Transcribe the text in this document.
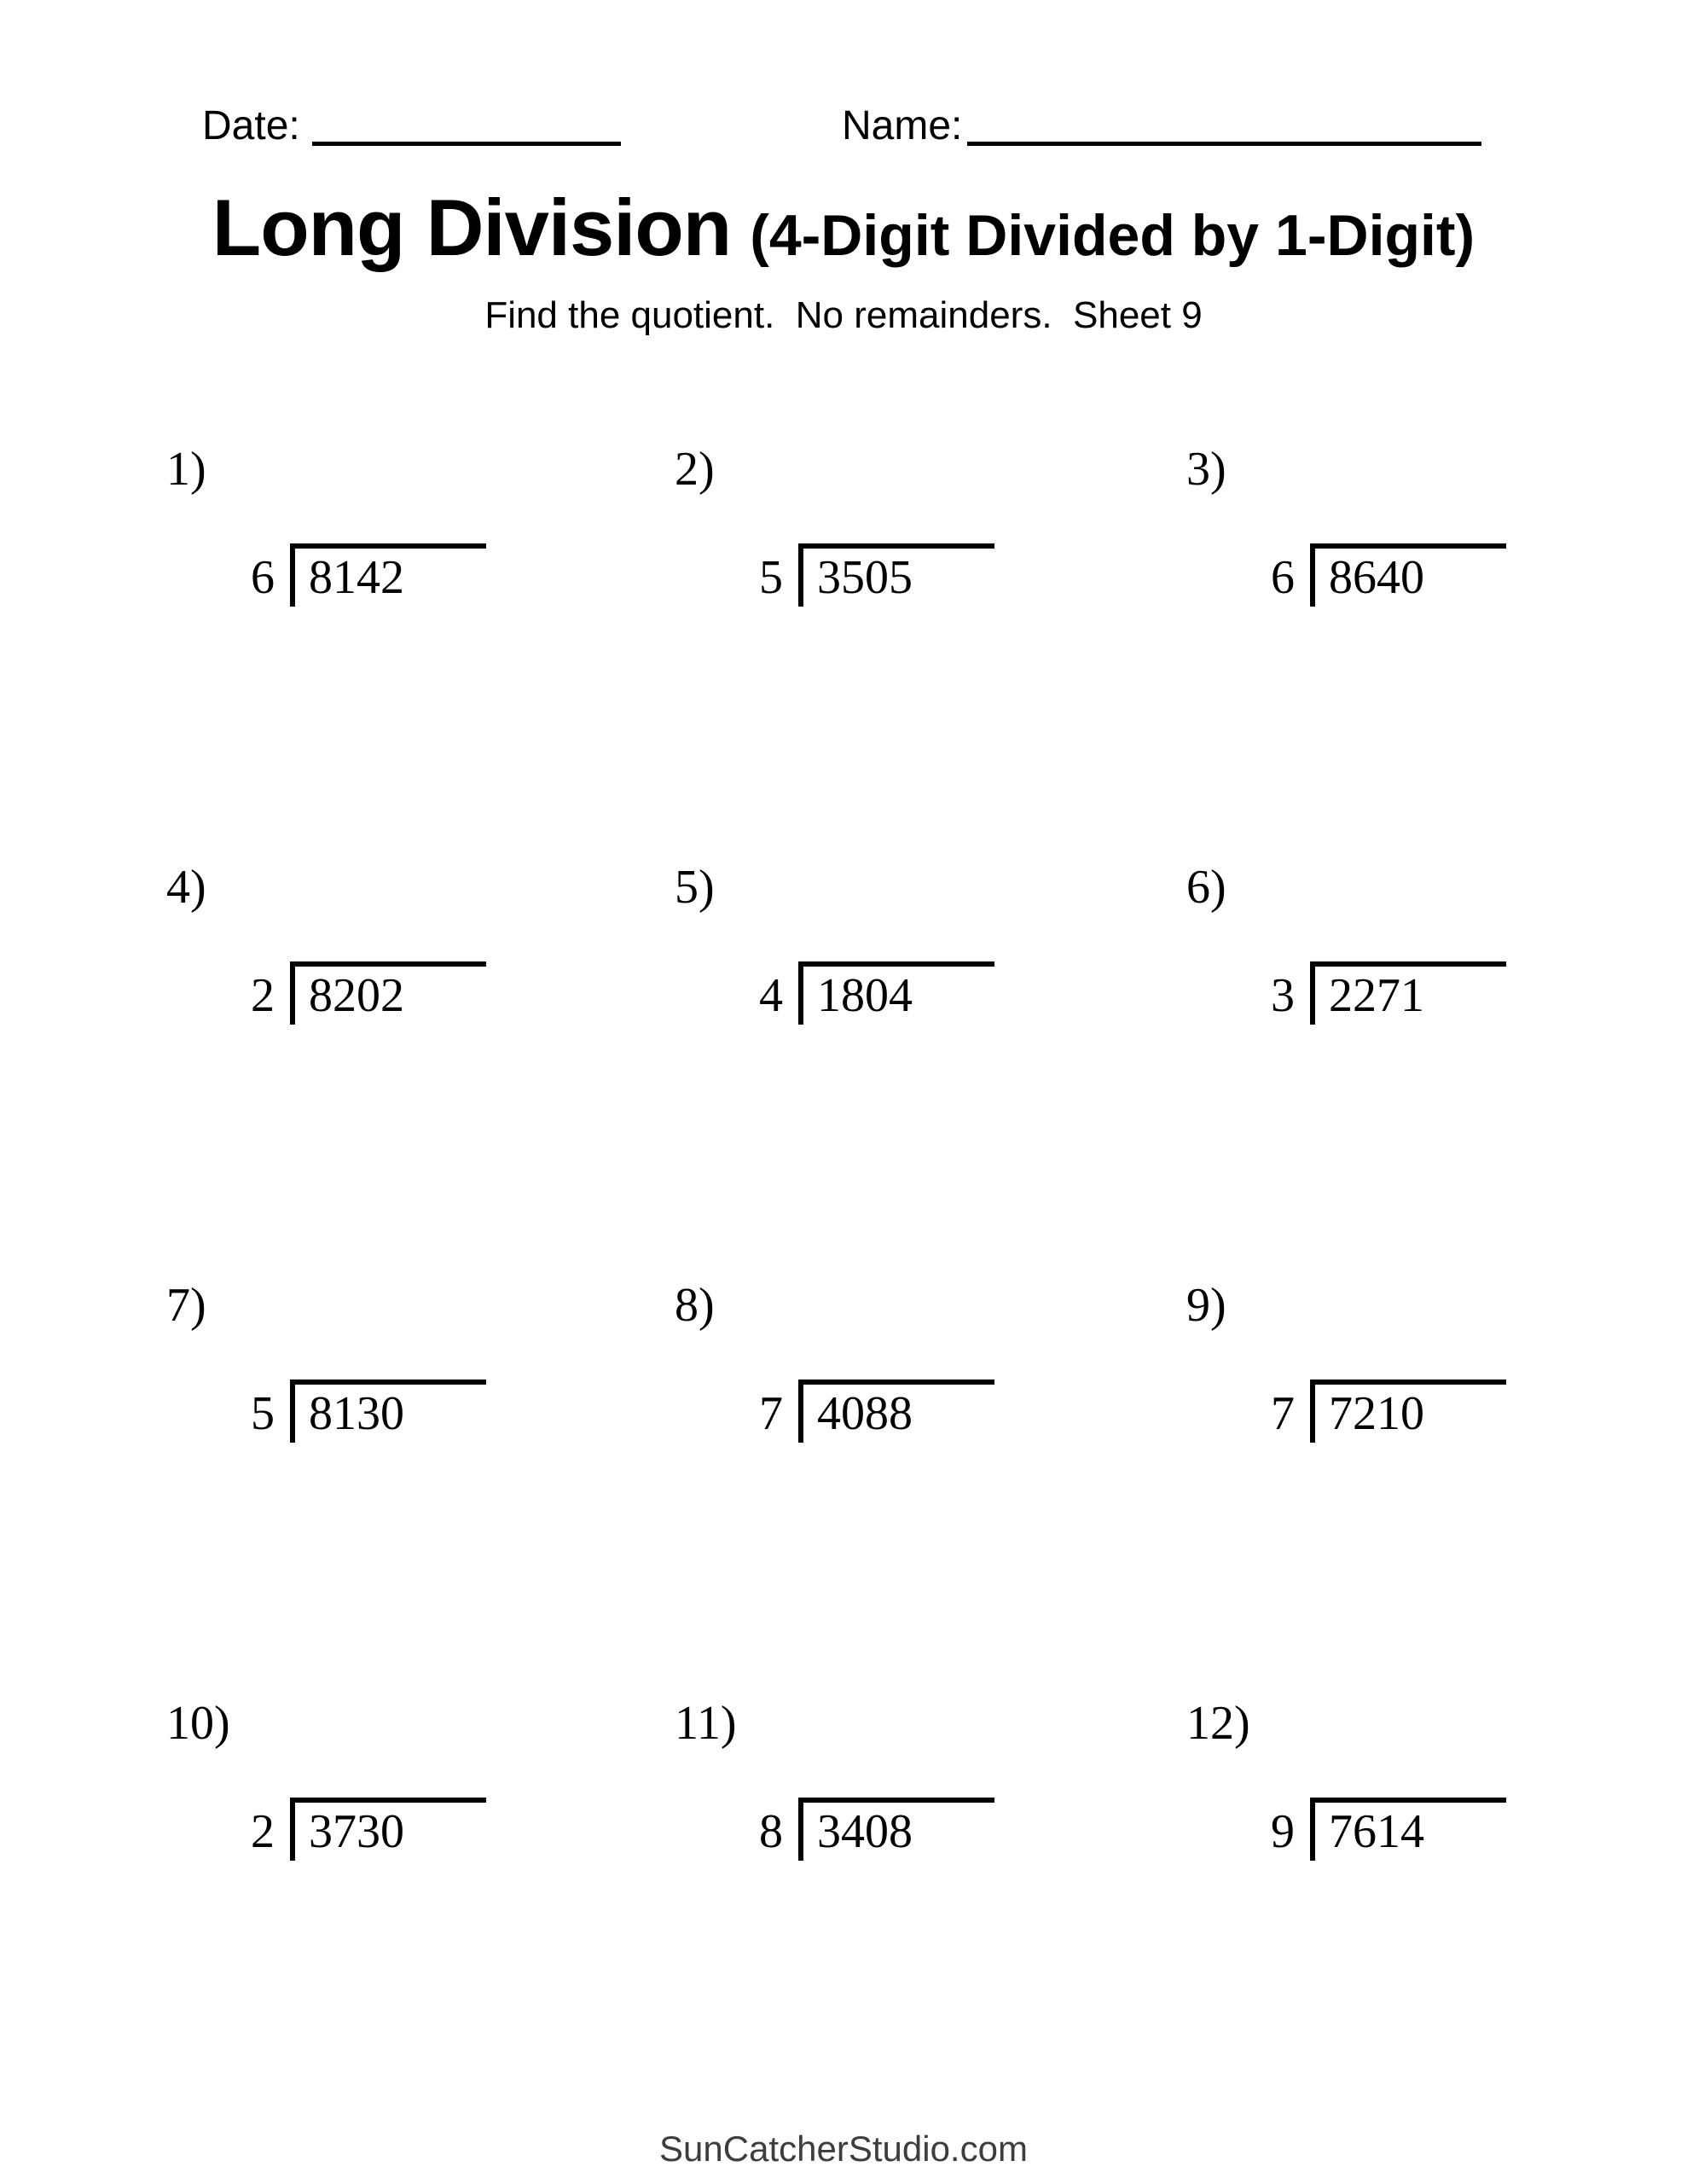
Date:	Name:
Long Division (4-Digit Divided by 1-Digit)
Find the quotient.  No remainders.  Sheet 9
1)
6 8142
2)
5 3505
3)
6 8640
4)
2 8202
5)
4 1804
6)
3 2271
7)
5 8130
8)
7 4088
9)
7 7210
10)
2 3730
11)
8 3408
12)
9 7614
SunCatcherStudio.com
